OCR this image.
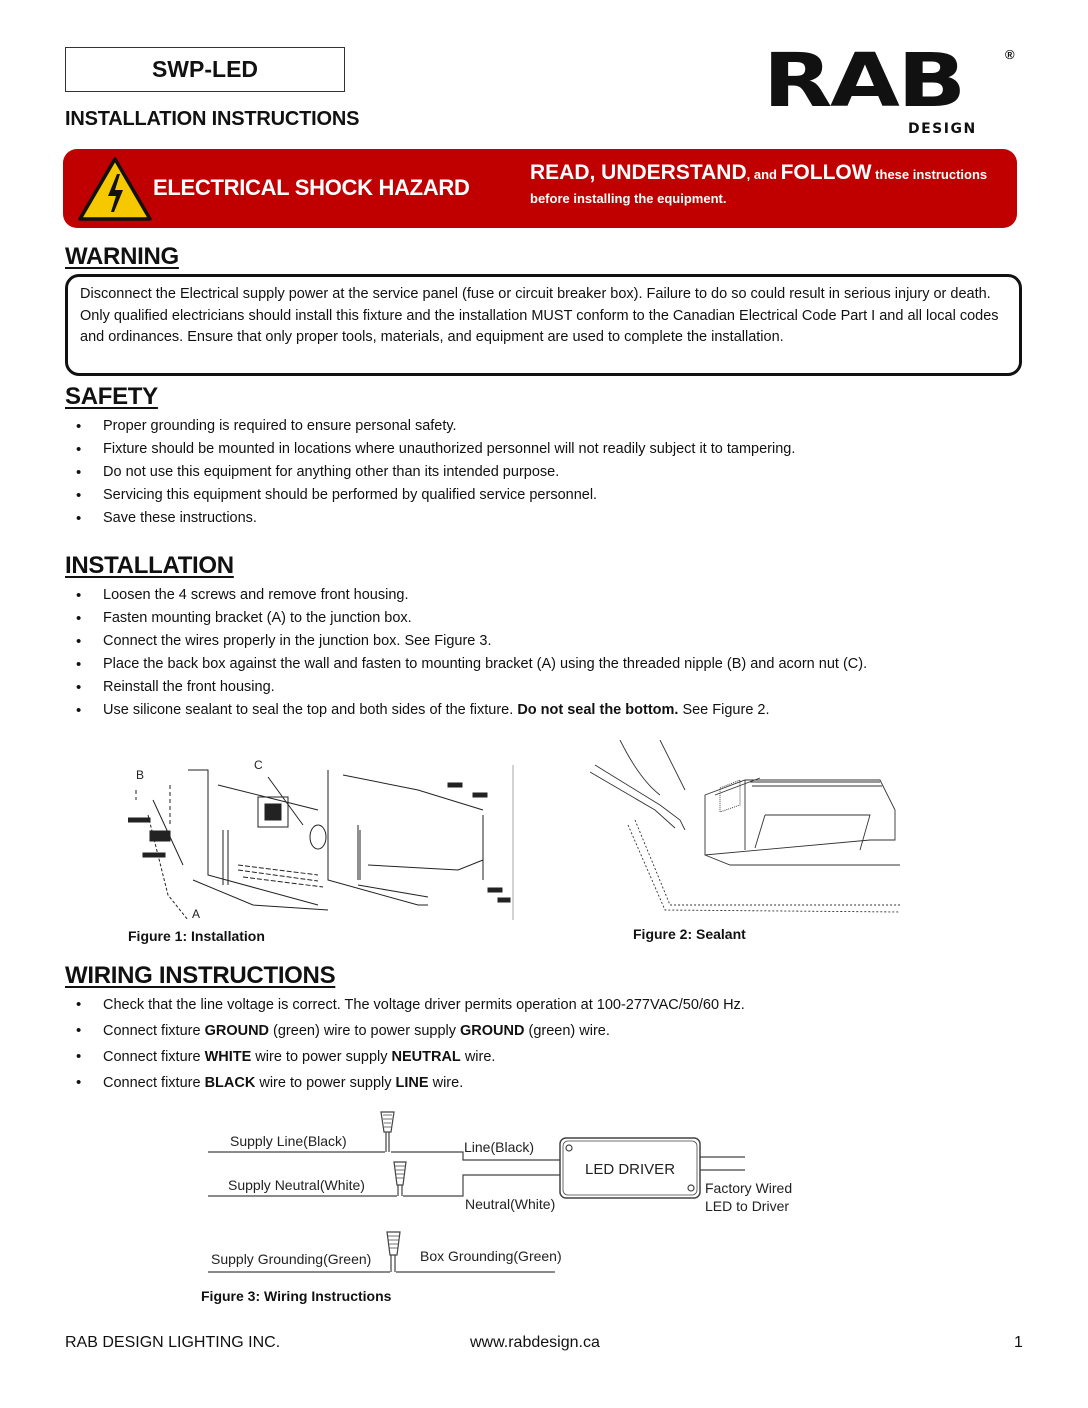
SWP-LED
INSTALLATION INSTRUCTIONS	RAB	®
DESIGN
ELECTRICAL SHOCK HAZARD
READ, UNDERSTAND, and FOLLOW these instructions
before installing the equipment.
WARNING
Disconnect the Electrical supply power at the service panel (fuse or circuit breaker box). Failure to do so could result in serious injury or death. Only qualified electricians should install this fixture and the installation MUST conform to the Canadian Electrical Code Part I and all local codes and ordinances. Ensure that only proper tools, materials, and equipment are used to complete the installation.
SAFETY
• Proper grounding is required to ensure personal safety.
• Fixture should be mounted in locations where unauthorized personnel will not readily subject it to tampering.
• Do not use this equipment for anything other than its intended purpose.
• Servicing this equipment should be performed by qualified service personnel.
• Save these instructions.
INSTALLATION
• Loosen the 4 screws and remove front housing.
• Fasten mounting bracket (A) to the junction box.
• Connect the wires properly in the junction box. See Figure 3.
• Place the back box against the wall and fasten to mounting bracket (A) using the threaded nipple (B) and acorn nut (C).
• Reinstall the front housing.
• Use silicone sealant to seal the top and both sides of the fixture. Do not seal the bottom. See Figure 2.
B
C
A
Figure 1: Installation	Figure 2: Sealant
WIRING INSTRUCTIONS
• Check that the line voltage is correct. The voltage driver permits operation at 100-277VAC/50/60 Hz.
• Connect fixture GROUND (green) wire to power supply GROUND (green) wire.
• Connect fixture WHITE wire to power supply NEUTRAL wire.
• Connect fixture BLACK wire to power supply LINE wire.
Supply Line(Black)
Supply Neutral(White)
Supply Grounding(Green)
Line(Black)
Neutral(White)
Box Grounding(Green)
LED DRIVER
Factory Wired
LED to Driver
Figure 3: Wiring Instructions
RAB DESIGN LIGHTING INC.	www.rabdesign.ca	1
